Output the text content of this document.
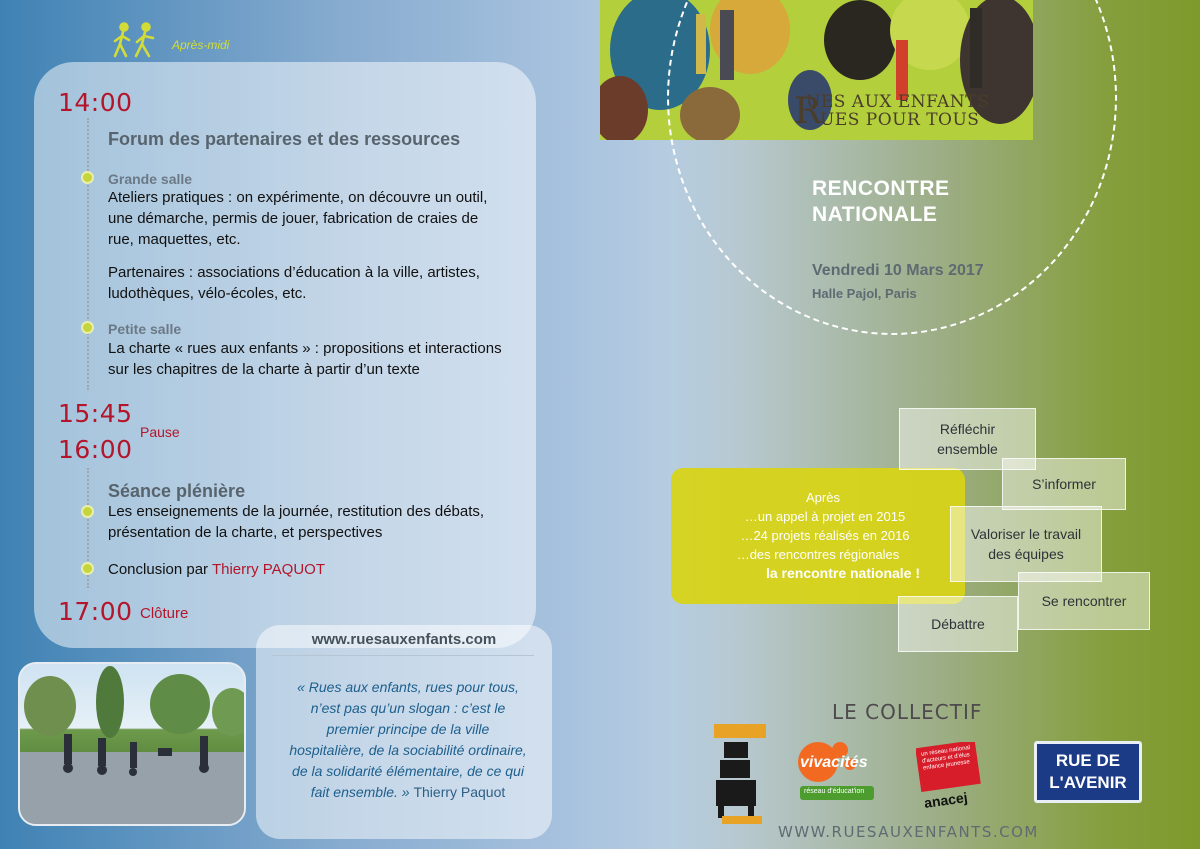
Après-midi
14:00
Forum des partenaires et des ressources
Grande salle
Ateliers pratiques : on expérimente, on découvre un outil,
une démarche, permis de jouer, fabrication de craies de
rue, maquettes, etc.
Partenaires : associations d’éducation à la ville, artistes,
ludothèques, vélo-écoles, etc.
Petite salle
La charte « rues aux enfants » : propositions et interactions
sur les chapitres de la charte à partir d’un texte
15:45
Pause
16:00
Séance plénière
Les enseignements de la journée, restitution des débats,
présentation de la charte, et perspectives
Conclusion par Thierry PAQUOT
17:00 Clôture
www.ruesauxenfants.com
« Rues aux enfants, rues pour tous,
n’est pas qu’un slogan : c’est le
premier principe de la ville
hospitalière, de la sociabilité ordinaire,
de la solidarité élémentaire, de ce qui
fait ensemble. » Thierry Paquot
R
UES AUX ENFANTS
UES POUR TOUS
RENCONTRE
NATIONALE
Vendredi 10 Mars 2017
Halle Pajol, Paris
Après
…un appel à projet en 2015
…24 projets réalisés en 2016
…des rencontres régionales
la rencontre nationale !
Réfléchir
ensemble
S’informer
Valoriser le travail
des équipes
Se rencontrer
Débattre
LE COLLECTIF
vivacités
réseau d'éducat'ion
un réseau national d'acteurs et d'élus enfance jeunesse
anacej
RUE DE
L'AVENIR
WWW.RUESAUXENFANTS.COM
